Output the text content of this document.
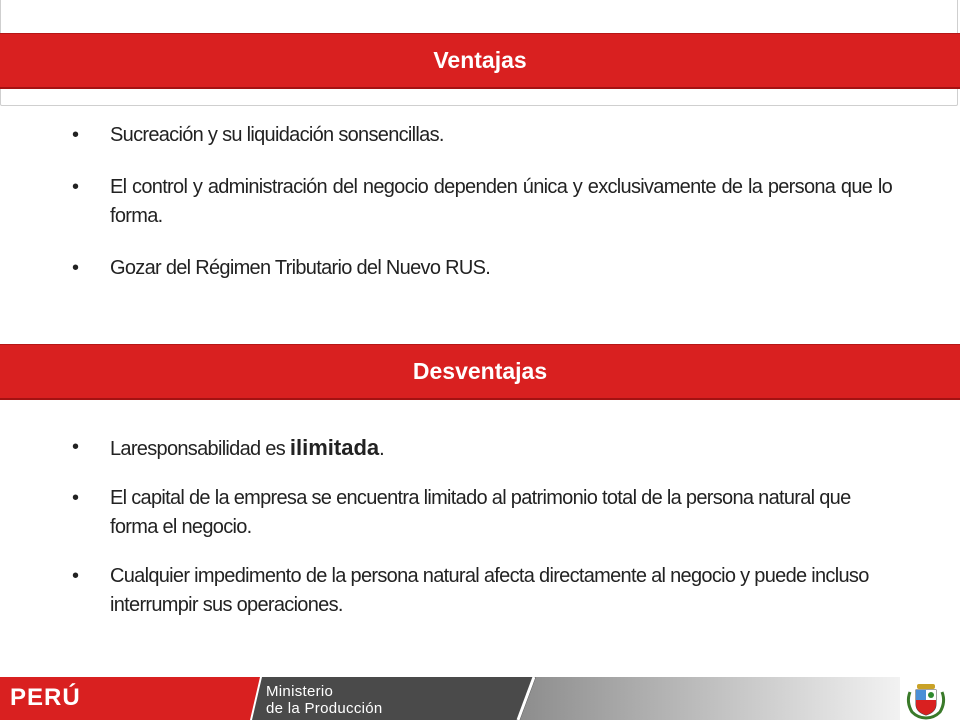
Ventajas
• Sucreación y su liquidación sonsencillas.
• El control y administración del negocio dependen única y exclusivamente de la persona que lo forma.
• Gozar del Régimen Tributario del Nuevo RUS.
Desventajas
• Laresponsabilidad es ilimitada.
• El capital de la empresa se encuentra limitado al patrimonio total de la persona natural que forma el negocio.
• Cualquier impedimento de la persona natural afecta directamente al negocio y puede incluso interrumpir sus operaciones.
PERÚ	Ministerio
de la Producción
